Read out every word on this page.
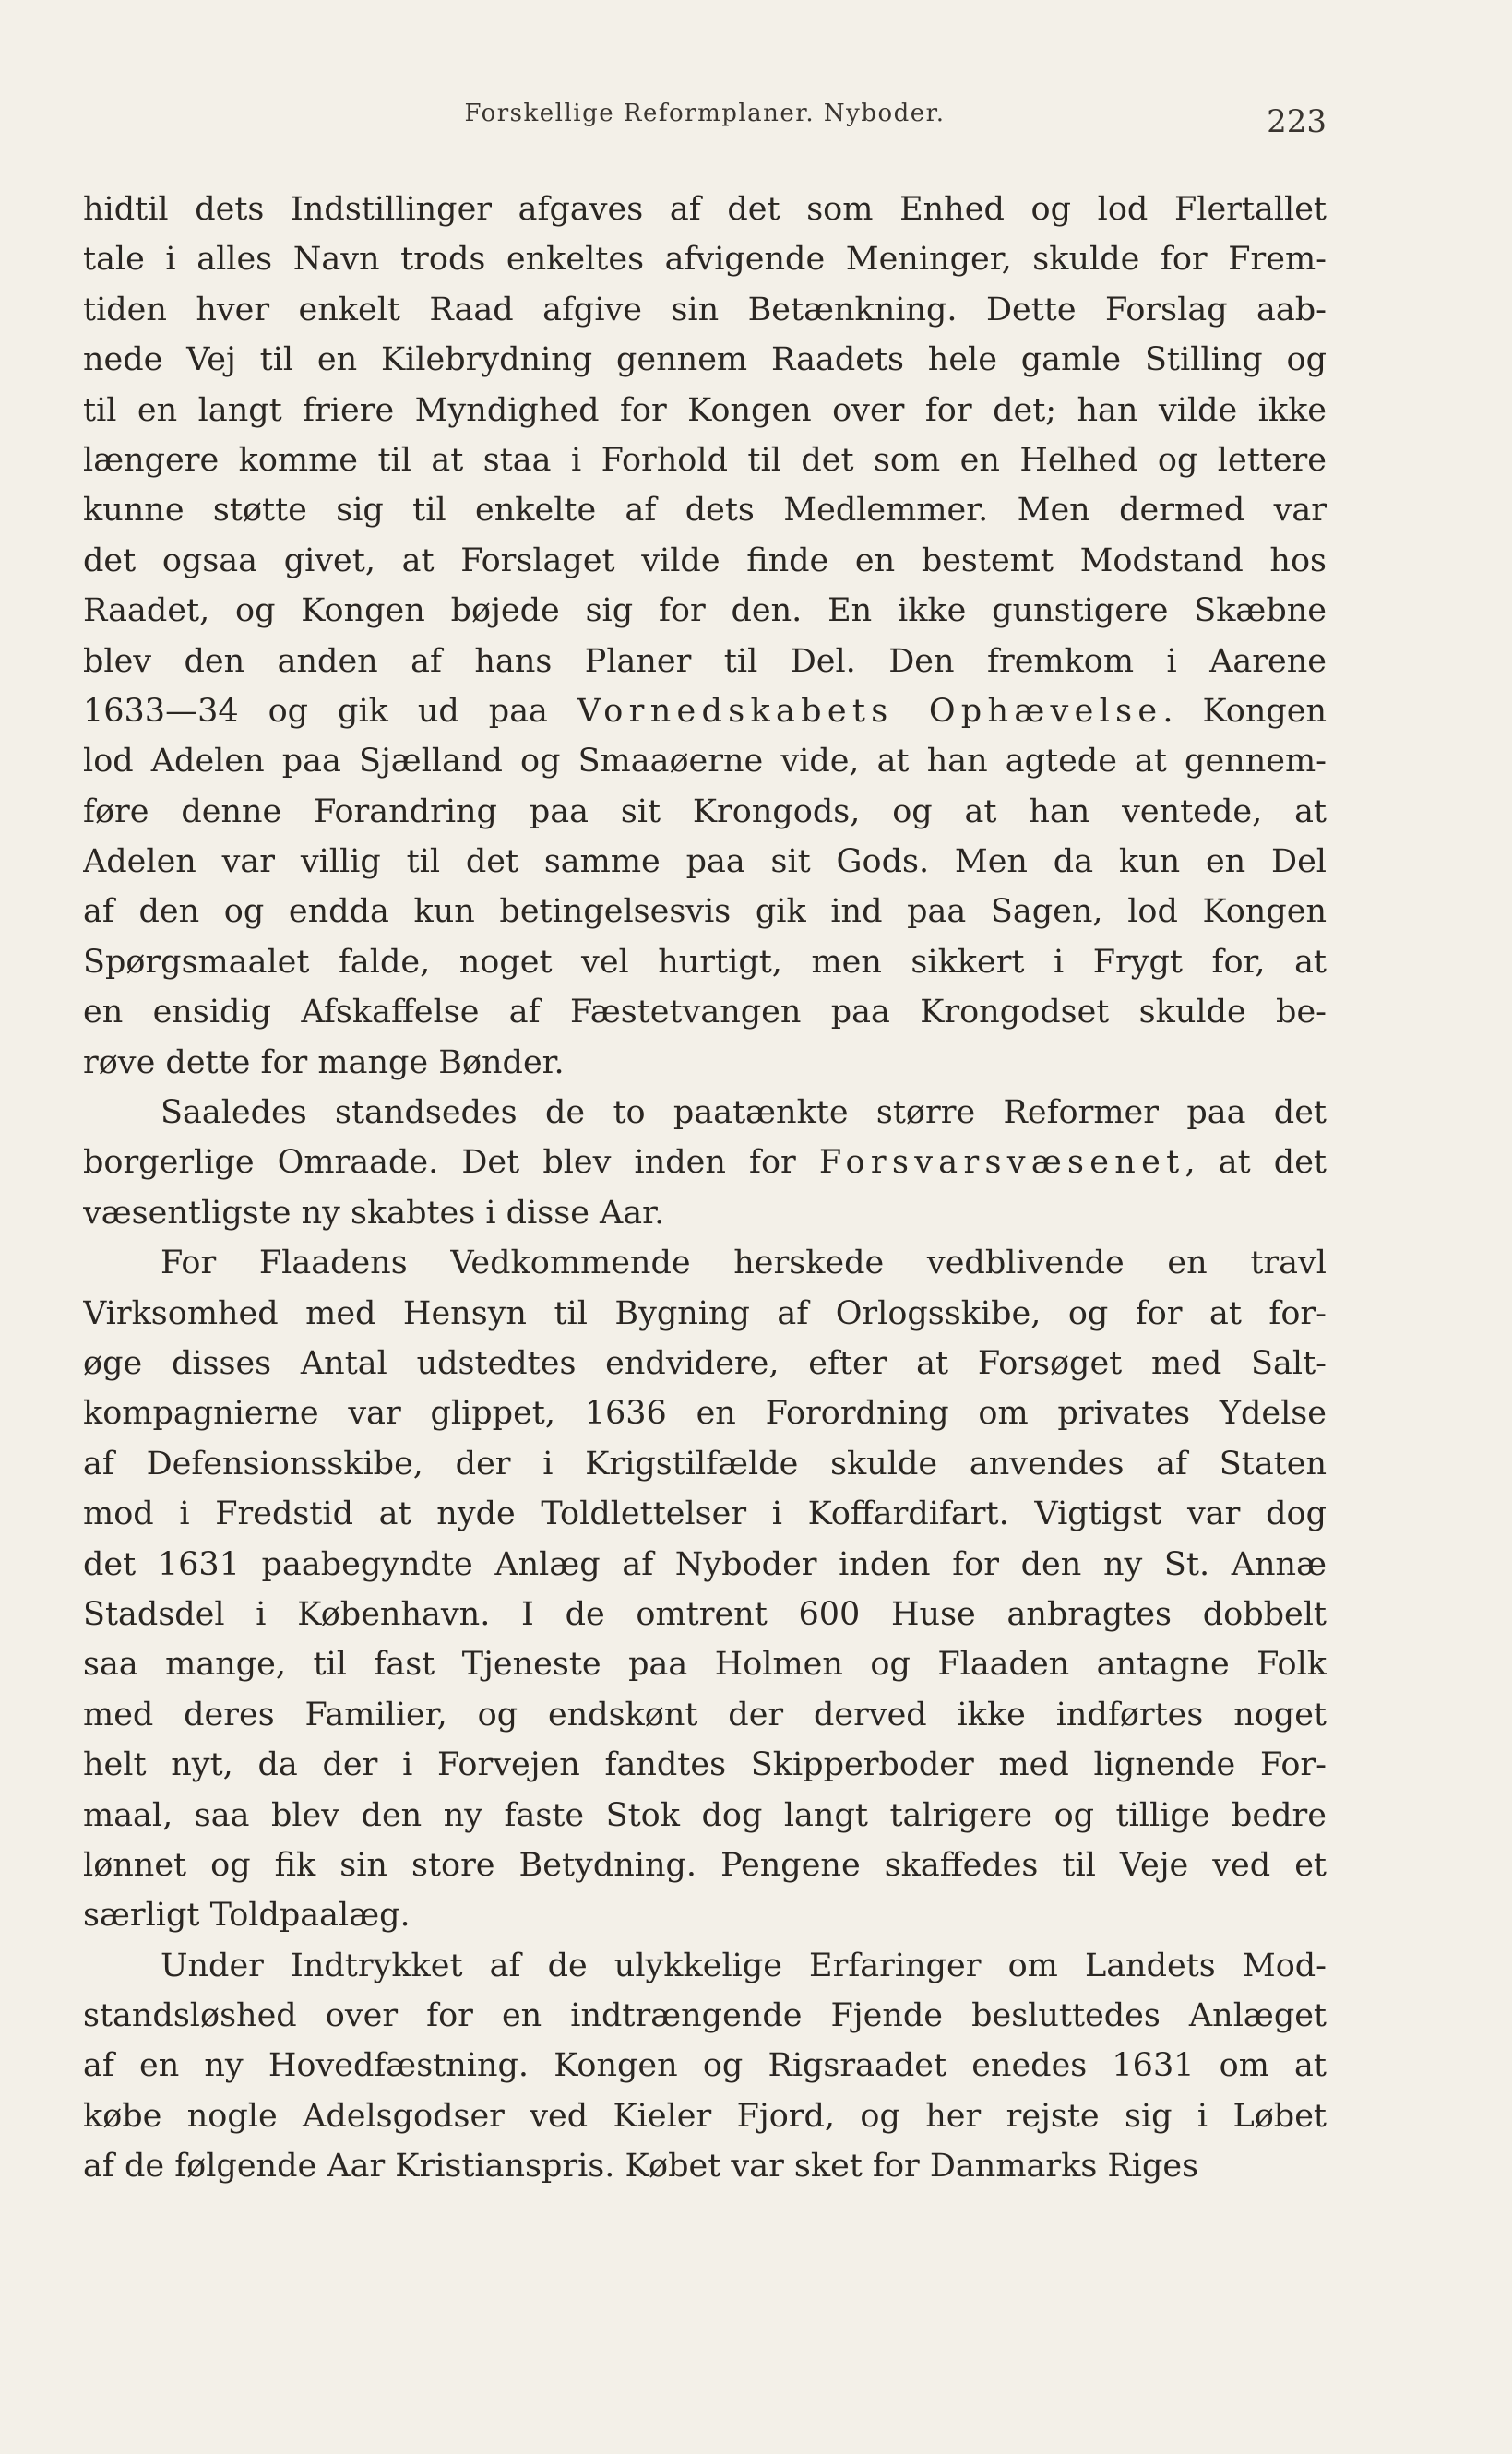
Forskellige Reformplaner. Nyboder.	223
hidtil dets Indstillinger afgaves af det som Enhed og lod Flertallet
tale i alles Navn trods enkeltes afvigende Meninger, skulde for Frem-
tiden hver enkelt Raad afgive sin Betænkning. Dette Forslag aab-
nede Vej til en Kilebrydning gennem Raadets hele gamle Stilling og
til en langt friere Myndighed for Kongen over for det; han vilde ikke
længere komme til at staa i Forhold til det som en Helhed og lettere
kunne støtte sig til enkelte af dets Medlemmer. Men dermed var
det ogsaa givet, at Forslaget vilde finde en bestemt Modstand hos
Raadet, og Kongen bøjede sig for den. En ikke gunstigere Skæbne
blev den anden af hans Planer til Del. Den fremkom i Aarene
1633—34 og gik ud paa Vornedskabets Ophævelse. Kongen
lod Adelen paa Sjælland og Smaaøerne vide, at han agtede at gennem-
føre denne Forandring paa sit Krongods, og at han ventede, at
Adelen var villig til det samme paa sit Gods. Men da kun en Del
af den og endda kun betingelsesvis gik ind paa Sagen, lod Kongen
Spørgsmaalet falde, noget vel hurtigt, men sikkert i Frygt for, at
en ensidig Afskaffelse af Fæstetvangen paa Krongodset skulde be-
røve dette for mange Bønder.
Saaledes standsedes de to paatænkte større Reformer paa det
borgerlige Omraade. Det blev inden for Forsvarsvæsenet, at det
væsentligste ny skabtes i disse Aar.
For Flaadens Vedkommende herskede vedblivende en travl
Virksomhed med Hensyn til Bygning af Orlogsskibe, og for at for-
øge disses Antal udstedtes endvidere, efter at Forsøget med Salt-
kompagnierne var glippet, 1636 en Forordning om privates Ydelse
af Defensionsskibe, der i Krigstilfælde skulde anvendes af Staten
mod i Fredstid at nyde Toldlettelser i Koffardifart. Vigtigst var dog
det 1631 paabegyndte Anlæg af Nyboder inden for den ny St. Annæ
Stadsdel i København. I de omtrent 600 Huse anbragtes dobbelt
saa mange, til fast Tjeneste paa Holmen og Flaaden antagne Folk
med deres Familier, og endskønt der derved ikke indførtes noget
helt nyt, da der i Forvejen fandtes Skipperboder med lignende For-
maal, saa blev den ny faste Stok dog langt talrigere og tillige bedre
lønnet og fik sin store Betydning. Pengene skaffedes til Veje ved et
særligt Toldpaalæg.
Under Indtrykket af de ulykkelige Erfaringer om Landets Mod-
standsløshed over for en indtrængende Fjende besluttedes Anlæget
af en ny Hovedfæstning. Kongen og Rigsraadet enedes 1631 om at
købe nogle Adelsgodser ved Kieler Fjord, og her rejste sig i Løbet
af de følgende Aar Kristianspris. Købet var sket for Danmarks Riges
